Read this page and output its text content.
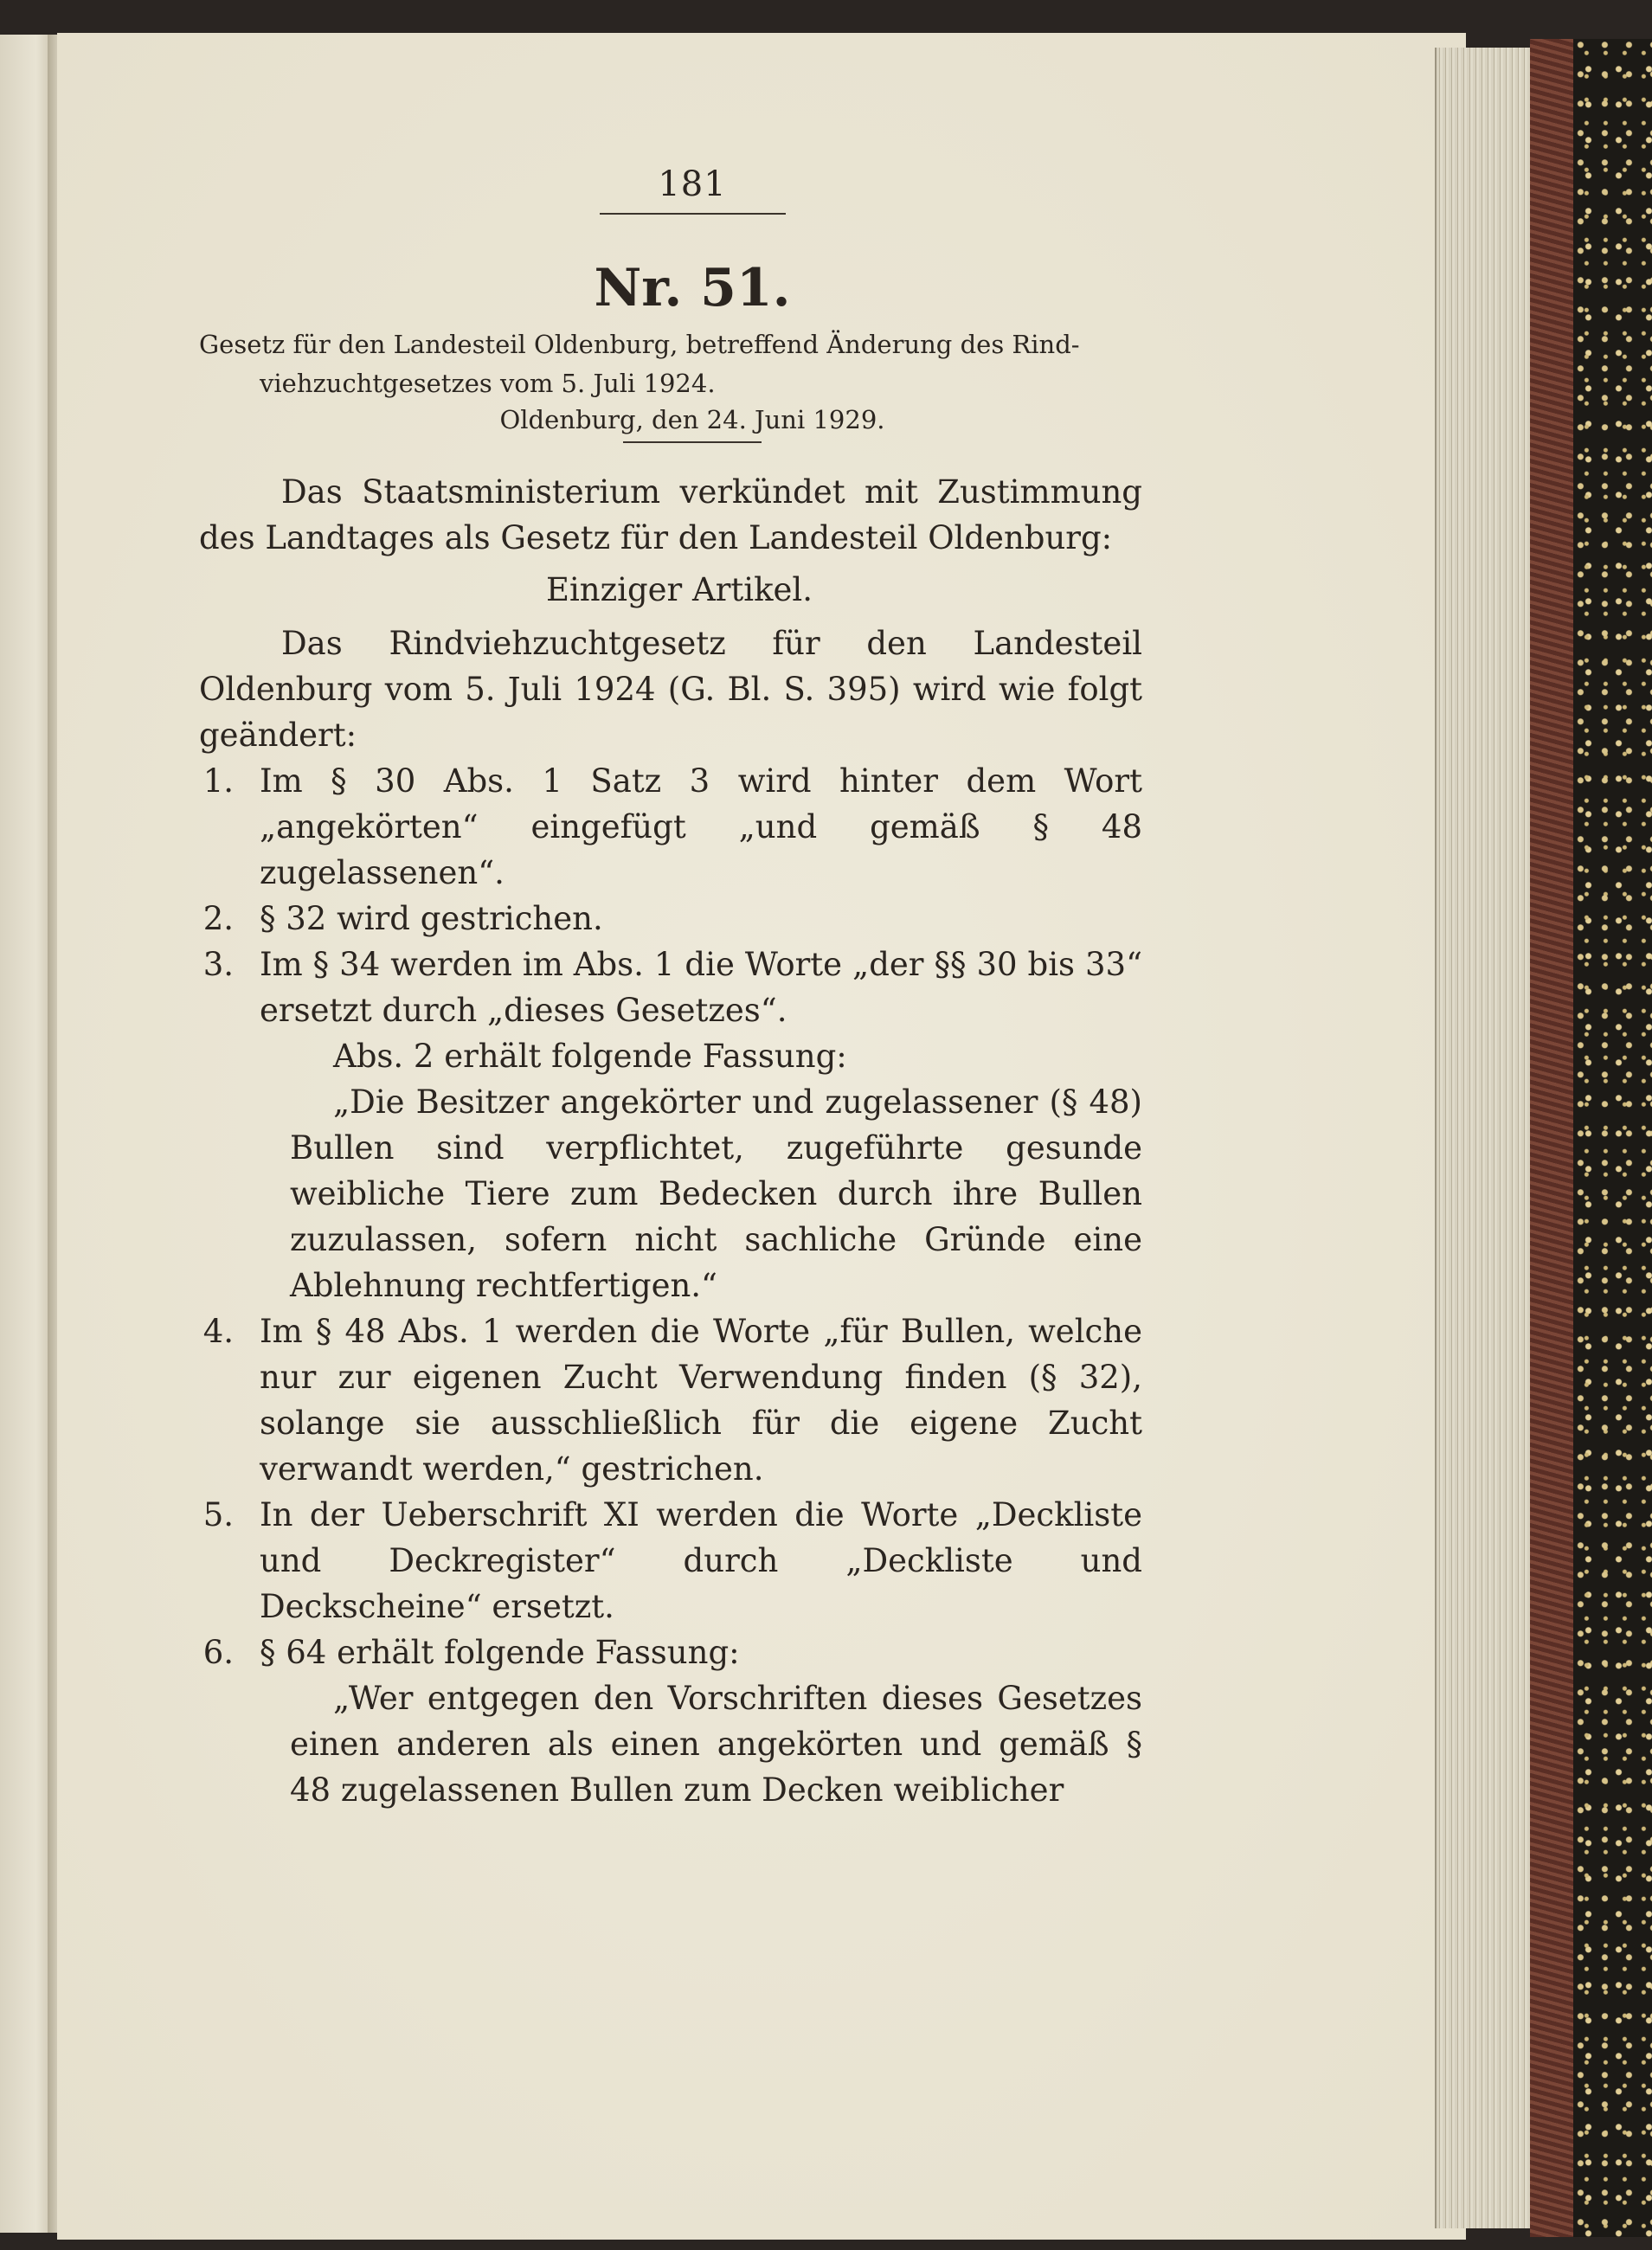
181
Nr. 51.
Gesetz für den Landesteil Oldenburg, betreffend Änderung des Rind-
viehzuchtgesetzes vom 5. Juli 1924.
Oldenburg, den 24. Juni 1929.
Das Staatsministerium verkündet mit Zustimmung des Landtages als Gesetz für den Landesteil Oldenburg:
Einziger Artikel.
Das Rindviehzuchtgesetz für den Landesteil Oldenburg vom 5. Juli 1924 (G. Bl. S. 395) wird wie folgt geändert:
1. Im § 30 Abs. 1 Satz 3 wird hinter dem Wort „angekörten“ eingefügt „und gemäß § 48 zugelassenen“.
2. § 32 wird gestrichen.
3. Im § 34 werden im Abs. 1 die Worte „der §§ 30 bis 33“ ersetzt durch „dieses Gesetzes“.
Abs. 2 erhält folgende Fassung:
„Die Besitzer angekörter und zugelassener (§ 48) Bullen sind verpflichtet, zugeführte gesunde weibliche Tiere zum Bedecken durch ihre Bullen zuzulassen, sofern nicht sachliche Gründe eine Ablehnung rechtfertigen.“
4. Im § 48 Abs. 1 werden die Worte „für Bullen, welche nur zur eigenen Zucht Verwendung finden (§ 32), solange sie ausschließlich für die eigene Zucht verwandt werden,“ gestrichen.
5. In der Ueberschrift XI werden die Worte „Deckliste und Deckregister“ durch „Deckliste und Deckscheine“ ersetzt.
6. § 64 erhält folgende Fassung:
„Wer entgegen den Vorschriften dieses Gesetzes einen anderen als einen angekörten und gemäß § 48 zugelassenen Bullen zum Decken weiblicher
